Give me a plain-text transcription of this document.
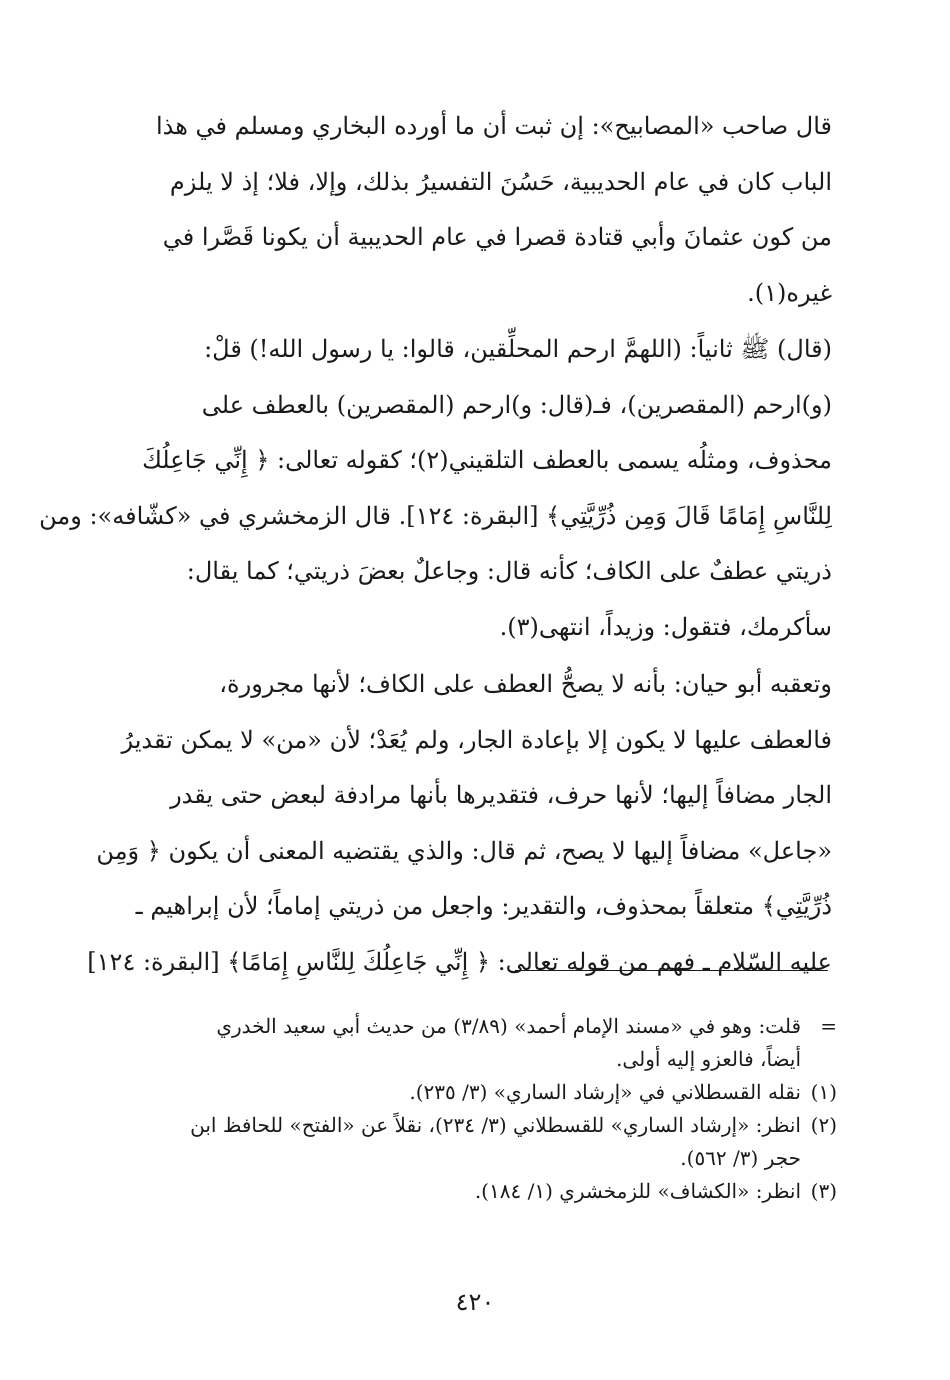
قال صاحب «المصابيح»: إن ثبت أن ما أورده البخاري ومسلم في هذا
الباب كان في عام الحديبية، حَسُنَ التفسيرُ بذلك، وإلا، فلا؛ إذ لا يلزم
من كون عثمانَ وأبي قتادة قصرا في عام الحديبية أن يكونا قَصَّرا في
غيره(١).
(قال) ﷺ ثانياً: (اللهمَّ ارحم المحلِّقين، قالوا: يا رسول الله!) قلْ:
(و)ارحم (المقصرين)، فـ(قال: و)ارحم (المقصرين) بالعطف على
محذوف، ومثلُه يسمى بالعطف التلقيني(٢)؛ كقوله تعالى: ﴿ إِنِّي جَاعِلُكَ
لِلنَّاسِ إِمَامًا قَالَ وَمِن ذُرِّيَّتِي﴾ [البقرة: ١٢٤]. قال الزمخشري في «كشّافه»: ومن
ذريتي عطفٌ على الكاف؛ كأنه قال: وجاعلٌ بعضَ ذريتي؛ كما يقال:
سأكرمك، فتقول: وزيداً، انتهى(٣).
وتعقبه أبو حيان: بأنه لا يصحُّ العطف على الكاف؛ لأنها مجرورة،
فالعطف عليها لا يكون إلا بإعادة الجار، ولم يُعَدْ؛ لأن «من» لا يمكن تقديرُ
الجار مضافاً إليها؛ لأنها حرف، فتقديرها بأنها مرادفة لبعض حتى يقدر
«جاعل» مضافاً إليها لا يصح، ثم قال: والذي يقتضيه المعنى أن يكون ﴿ وَمِن
ذُرِّيَّتِي﴾ متعلقاً بمحذوف، والتقدير: واجعل من ذريتي إماماً؛ لأن إبراهيم ـ
عليه السّلام ـ فهم من قوله تعالى: ﴿ إِنِّي جَاعِلُكَ لِلنَّاسِ إِمَامًا﴾ [البقرة: ١٢٤]
=
قلت: وهو في «مسند الإمام أحمد» (٣/٨٩) من حديث أبي سعيد الخدري
أيضاً، فالعزو إليه أولى.
(١)
نقله القسطلاني في «إرشاد الساري» (٣/ ٢٣٥).
(٢)
انظر: «إرشاد الساري» للقسطلاني (٣/ ٢٣٤)، نقلاً عن «الفتح» للحافظ ابن
حجر (٣/ ٥٦٢).
(٣)
انظر: «الكشاف» للزمخشري (١/ ١٨٤).
٤٢٠
